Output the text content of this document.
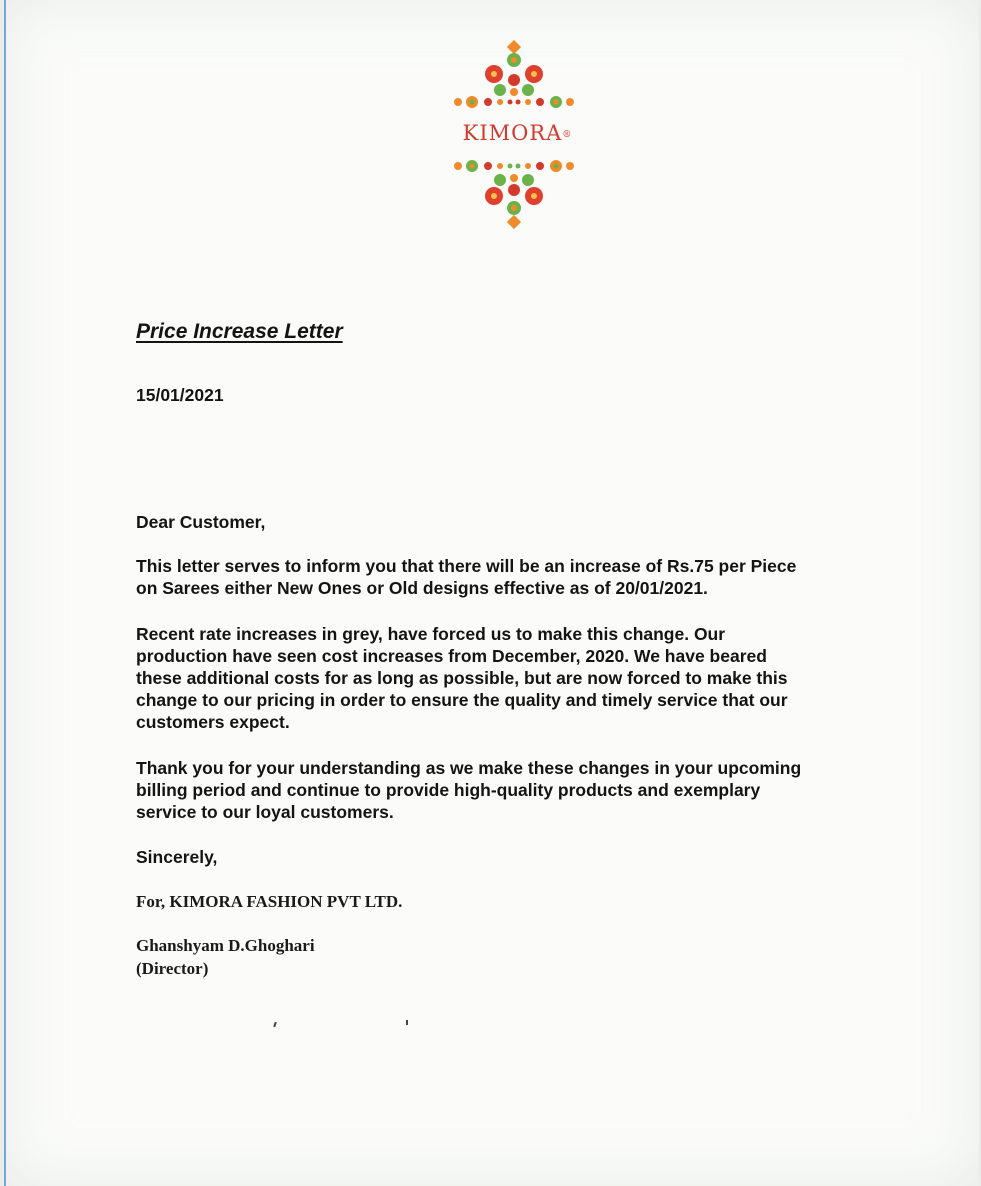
kimora®

Price Increase Letter

15/01/2021

Dear Customer,

This letter serves to inform you that there will be an increase of Rs.75 per Piece
on Sarees either New Ones or Old designs effective as of 20/01/2021.
Recent rate increases in grey, have forced us to make this change. Our
production have seen cost increases from December, 2020. We have beared
these additional costs for as long as possible, but are now forced to make this
change to our pricing in order to ensure the quality and timely service that our
customers expect.
Thank you for your understanding as we make these changes in your upcoming
billing period and continue to provide high-quality products and exemplary
service to our loyal customers.

Sincerely,

For, KIMORA FASHION PVT LTD.

Ghanshyam D.Ghoghari

(Director)
